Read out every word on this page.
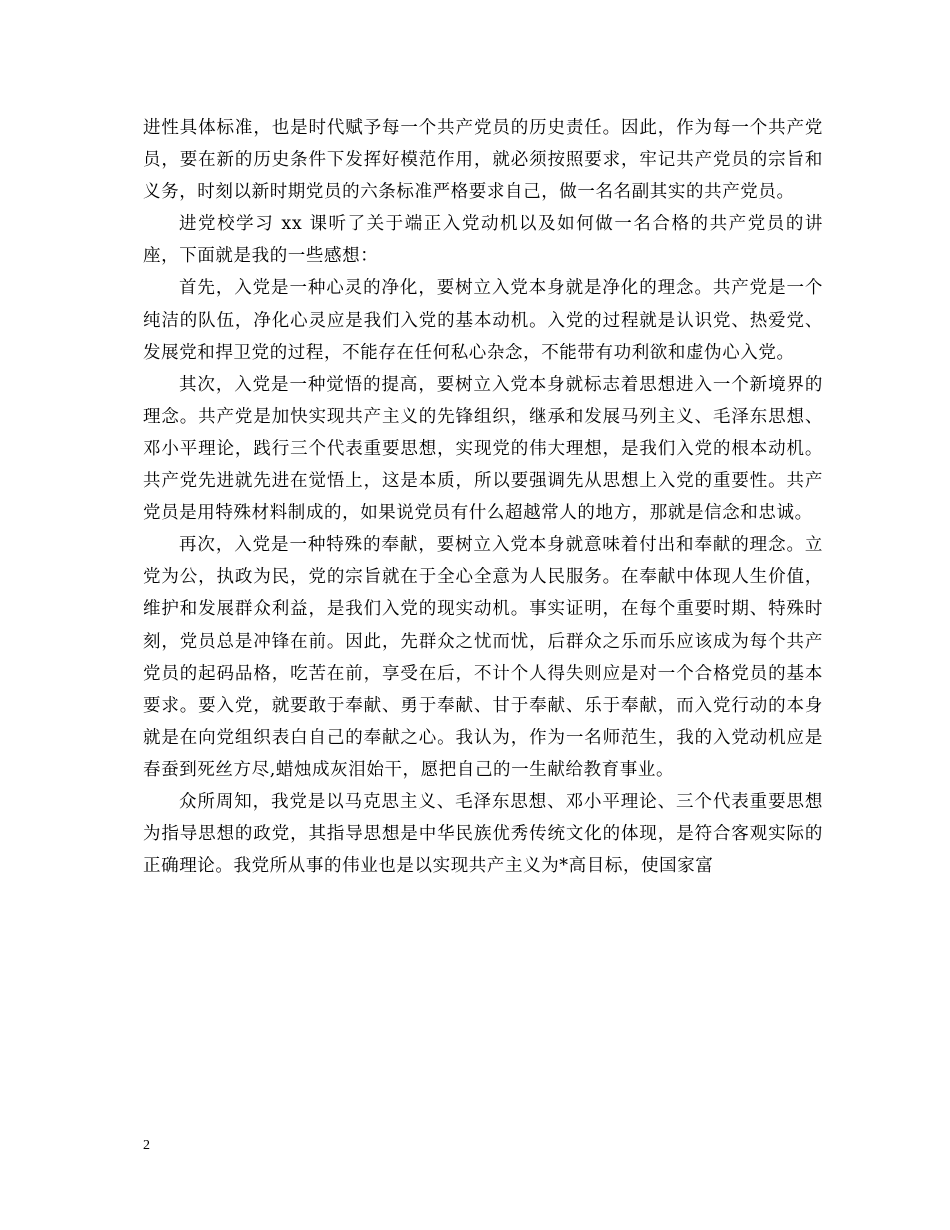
进性具体标准，也是时代赋予每一个共产党员的历史责任。因此，作为每一个共产党员，要在新的历史条件下发挥好模范作用，就必须按照要求，牢记共产党员的宗旨和义务，时刻以新时期党员的六条标准严格要求自己，做一名名副其实的共产党员。

进党校学习 xx 课听了关于端正入党动机以及如何做一名合格的共产党员的讲座，下面就是我的一些感想：

首先，入党是一种心灵的净化，要树立入党本身就是净化的理念。共产党是一个纯洁的队伍，净化心灵应是我们入党的基本动机。入党的过程就是认识党、热爱党、发展党和捍卫党的过程，不能存在任何私心杂念，不能带有功利欲和虚伪心入党。

其次，入党是一种觉悟的提高，要树立入党本身就标志着思想进入一个新境界的理念。共产党是加快实现共产主义的先锋组织，继承和发展马列主义、毛泽东思想、邓小平理论，践行三个代表重要思想，实现党的伟大理想，是我们入党的根本动机。共产党先进就先进在觉悟上，这是本质，所以要强调先从思想上入党的重要性。共产党员是用特殊材料制成的，如果说党员有什么超越常人的地方，那就是信念和忠诚。

再次，入党是一种特殊的奉献，要树立入党本身就意味着付出和奉献的理念。立党为公，执政为民，党的宗旨就在于全心全意为人民服务。在奉献中体现人生价值，维护和发展群众利益，是我们入党的现实动机。事实证明，在每个重要时期、特殊时刻，党员总是冲锋在前。因此，先群众之忧而忧，后群众之乐而乐应该成为每个共产党员的起码品格，吃苦在前，享受在后，不计个人得失则应是对一个合格党员的基本要求。要入党，就要敢于奉献、勇于奉献、甘于奉献、乐于奉献，而入党行动的本身就是在向党组织表白自己的奉献之心。我认为，作为一名师范生，我的入党动机应是春蚕到死丝方尽,蜡烛成灰泪始干，愿把自己的一生献给教育事业。

众所周知，我党是以马克思主义、毛泽东思想、邓小平理论、三个代表重要思想为指导思想的政党，其指导思想是中华民族优秀传统文化的体现，是符合客观实际的正确理论。我党所从事的伟业也是以实现共产主义为*高目标，使国家富

2
